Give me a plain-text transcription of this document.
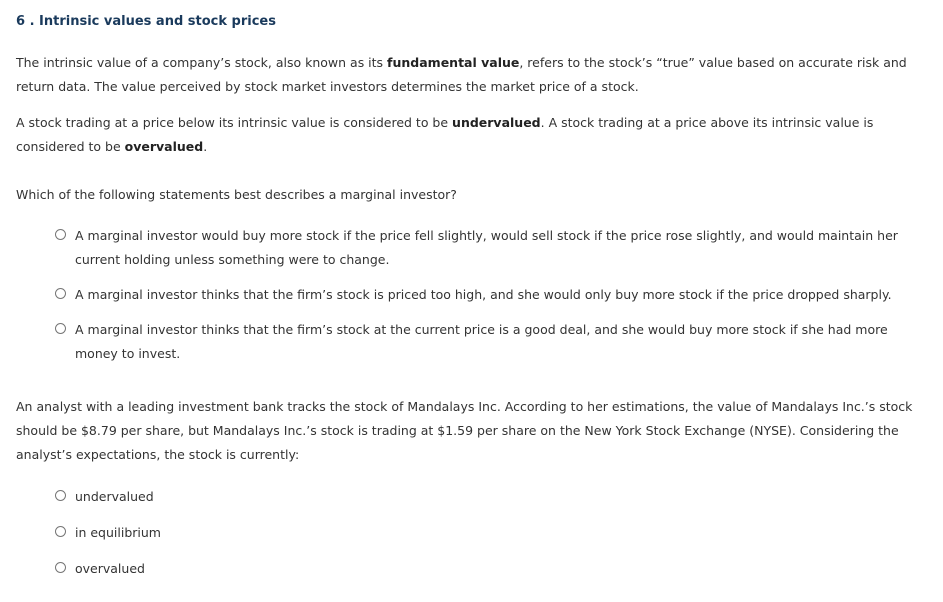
6 . Intrinsic values and stock prices
The intrinsic value of a company’s stock, also known as its fundamental value, refers to the stock’s “true” value based on accurate risk and return data. The value perceived by stock market investors determines the market price of a stock.
A stock trading at a price below its intrinsic value is considered to be undervalued. A stock trading at a price above its intrinsic value is considered to be overvalued.
Which of the following statements best describes a marginal investor?
A marginal investor would buy more stock if the price fell slightly, would sell stock if the price rose slightly, and would maintain her current holding unless something were to change.
A marginal investor thinks that the firm’s stock is priced too high, and she would only buy more stock if the price dropped sharply.
A marginal investor thinks that the firm’s stock at the current price is a good deal, and she would buy more stock if she had more money to invest.
An analyst with a leading investment bank tracks the stock of Mandalays Inc. According to her estimations, the value of Mandalays Inc.’s stock should be $8.79 per share, but Mandalays Inc.’s stock is trading at $1.59 per share on the New York Stock Exchange (NYSE). Considering the analyst’s expectations, the stock is currently:
undervalued
in equilibrium
overvalued
